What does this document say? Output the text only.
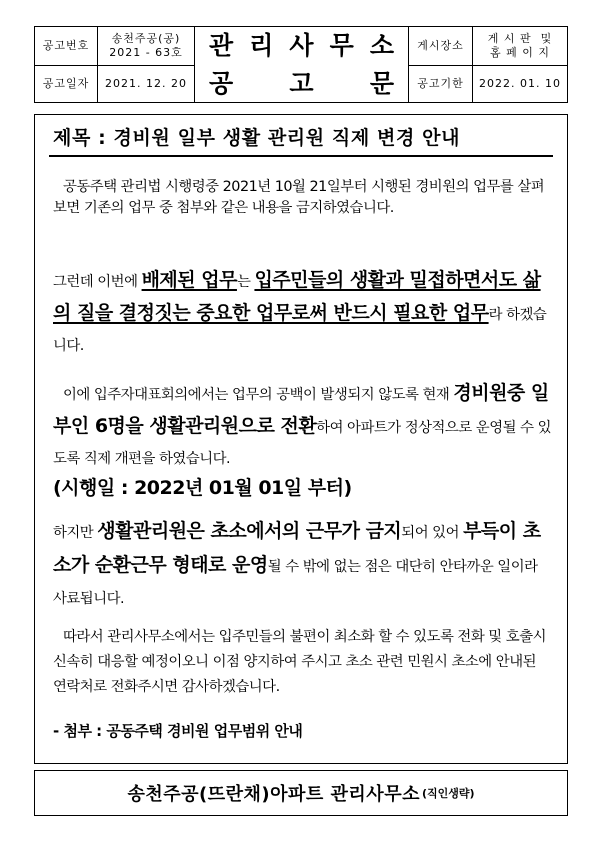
공고번호
송천주공(공)
2021 - 63호
공고일자	2021. 12. 20
관 리 사 무 소
공 고 문
게시장소
게 시 판  및
홈 페 이 지
공고기한	2022. 01. 10
제목 : 경비원 일부 생활 관리원 직제 변경 안내
공동주택 관리법 시행령중 2021년 10월 21일부터 시행된 경비원의 업무를 살펴보면 기존의 업무 중 첨부와 같은 내용을 금지하였습니다.
그런데 이번에 배제된 업무는 입주민들의 생활과 밀접하면서도 삶의 질을 결정짓는 중요한 업무로써 반드시 필요한 업무라 하겠습니다.
이에 입주자대표회의에서는 업무의 공백이 발생되지 않도록 현재 경비원중 일부인 6명을 생활관리원으로 전환하여 아파트가 정상적으로 운영될 수 있도록 직제 개편을 하였습니다.
(시행일 : 2022년 01월 01일 부터)
하지만 생활관리원은 초소에서의 근무가 금지되어 있어 부득이 초소가 순환근무 형태로 운영될 수 밖에 없는 점은 대단히 안타까운 일이라 사료됩니다.
따라서 관리사무소에서는 입주민들의 불편이 최소화 할 수 있도록 전화 및 호출시 신속히 대응할 예정이오니 이점 양지하여 주시고 초소 관련 민원시 초소에 안내된 연락처로 전화주시면 감사하겠습니다.
- 첨부 : 공동주택 경비원 업무범위 안내
송천주공(뜨란채)아파트 관리사무소 (직인생략)
